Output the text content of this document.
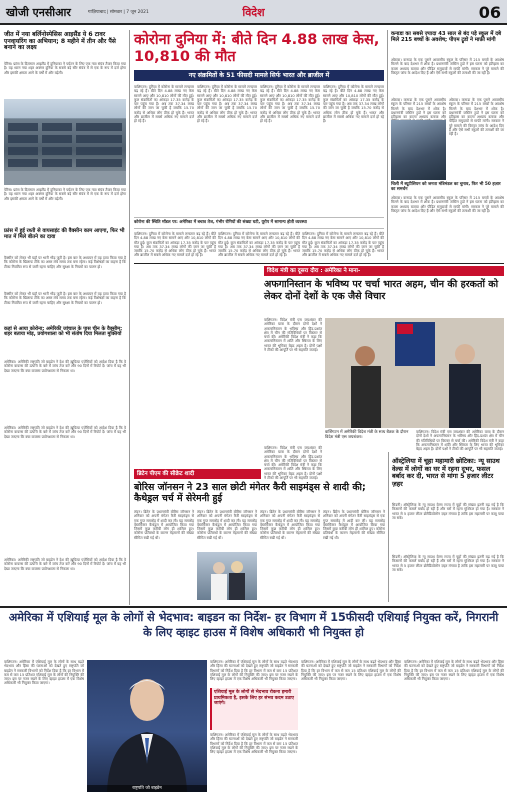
खोजी एनसीआर	गाज़ियाबाद | सोमवार | 7 जून 2021	विदेश	06
जीत में नया बर्लिनोस्पेसिस आइसैंड ये 6 टावर एनवायरिंग का अभियान; 8 महीने में तीन और पैंसे बनाने का लक्ष्य
पेरिस। फ्रांस के दिल्लाल आइलैंड में दुनियाका ने पर्यटन के लिए एक नया संयंत्र तैयार किया गया है। यह ध्यान नया शहर अक्सर दुनिया के सबसे बड़े सौर संयंत्र में से एक के रूप में दर्ज होगा और इसकी क्षमता आगे के वर्षों में और बढ़ेगी।
पेरिस। फ्रांस के दिल्लाल आइलैंड में दुनियाका ने पर्यटन के लिए एक नया संयंत्र तैयार किया गया है। यह ध्यान नया शहर अक्सर दुनिया के सबसे बड़े सौर संयंत्र में से एक के रूप में दर्ज होगा और इसकी क्षमता आगे के वर्षों में और बढ़ेगी।
फ्रांस में हुई रश्ती से वायसाइंट की वैक्सीन काम आएगा, फिर भी मात में मिले बीतने का दावा
वैक्सीन को लेकर भी यहाँ पर भारी भीड़ जुटी है। इस बार के अध्ययन में यह दावा किया गया है कि कोरोना के खिलाफ टीके का असर लंबे समय तक बना रहेगा। कई विशेषज्ञों का कहना है कि टीका नियमित रूप से जारी रहना चाहिए और सुरक्षा के नियमों का पालन हो।
वैक्सीन को लेकर भी यहाँ पर भारी भीड़ जुटी है। इस बार के अध्ययन में यह दावा किया गया है कि कोरोना के खिलाफ टीके का असर लंबे समय तक बना रहेगा। कई विशेषज्ञों का कहना है कि टीका नियमित रूप से जारी रहना चाहिए और सुरक्षा के नियमों का पालन हो।
कहां से आया कोरोना: अमेरिकी जांचाल के पास चीन के वैक्सीम: शहर बताया मोड़, प्रयोगशाला को भी संतोष दिया मिलता मुक्तियों
अमेरिका। अमेरिकी राष्ट्रपति जो बाइडेन ने देश की ख़ुफ़िया एजेंसियों को आदेश दिया है कि वे कोरोना वायरस की उत्पत्ति के बारे में जांच तेज करें और 90 दिनों में रिपोर्ट दें। जांच में यह भी देखा जाएगा कि क्या वायरस प्रयोगशाला से निकला था।
अमेरिका। अमेरिकी राष्ट्रपति जो बाइडेन ने देश की ख़ुफ़िया एजेंसियों को आदेश दिया है कि वे कोरोना वायरस की उत्पत्ति के बारे में जांच तेज करें और 90 दिनों में रिपोर्ट दें। जांच में यह भी देखा जाएगा कि क्या वायरस प्रयोगशाला से निकला था।
अमेरिका। अमेरिकी राष्ट्रपति जो बाइडेन ने देश की ख़ुफ़िया एजेंसियों को आदेश दिया है कि वे कोरोना वायरस की उत्पत्ति के बारे में जांच तेज करें और 90 दिनों में रिपोर्ट दें। जांच में यह भी देखा जाएगा कि क्या वायरस प्रयोगशाला से निकला था।
कोरोना दुनिया में: बीते दिन 4.88 लाख केस, 10,810 की मौत
नए संक्रमितों के 51 फीसदी मामले सिर्फ भारत और ब्राजील में
वाशिंगटन। दुनिया में कोरोना के मामले लगातार बढ़ रहे हैं। बीते दिन 4.88 लाख नए केस सामने आए और 10,810 लोगों की मौत हुई। कुल संक्रमितों का आंकड़ा 17.35 करोड़ के पार पहुंच गया है। अब तक 37.34 लाख लोगों की जान जा चुकी है जबकि 15.70 करोड़ से अधिक लोग ठीक हो चुके हैं। भारत और ब्राजील में सबसे अधिक नए मामले दर्ज हो रहे हैं।
वाशिंगटन। दुनिया में कोरोना के मामले लगातार बढ़ रहे हैं। बीते दिन 4.88 लाख नए केस सामने आए और 10,810 लोगों की मौत हुई। कुल संक्रमितों का आंकड़ा 17.35 करोड़ के पार पहुंच गया है। अब तक 37.34 लाख लोगों की जान जा चुकी है जबकि 15.70 करोड़ से अधिक लोग ठीक हो चुके हैं। भारत और ब्राजील में सबसे अधिक नए मामले दर्ज हो रहे हैं।
वाशिंगटन। दुनिया में कोरोना के मामले लगातार बढ़ रहे हैं। बीते दिन 4.88 लाख नए केस सामने आए और 10,810 लोगों की मौत हुई। कुल संक्रमितों का आंकड़ा 17.35 करोड़ के पार पहुंच गया है। अब तक 37.34 लाख लोगों की जान जा चुकी है जबकि 15.70 करोड़ से अधिक लोग ठीक हो चुके हैं। भारत और ब्राजील में सबसे अधिक नए मामले दर्ज हो रहे हैं।
वाशिंगटन। दुनिया में कोरोना के मामले लगातार बढ़ रहे हैं। बीते दिन 4.88 लाख नए केस सामने आए और 10,810 लोगों की मौत हुई। कुल संक्रमितों का आंकड़ा 17.35 करोड़ के पार पहुंच गया है। अब तक 37.34 लाख लोगों की जान जा चुकी है जबकि 15.70 करोड़ से अधिक लोग ठीक हो चुके हैं। भारत और ब्राजील में सबसे अधिक नए मामले दर्ज हो रहे हैं।
कोरोना की स्थिति मॉडल पर: अमेरिका में बचाव तेज, गंभीर रोगियों की संख्या घटी, यूरोप में सामान्य होती व्यवस्था
वाशिंगटन। दुनिया में कोरोना के मामले लगातार बढ़ रहे हैं। बीते दिन 4.88 लाख नए केस सामने आए और 10,810 लोगों की मौत हुई। कुल संक्रमितों का आंकड़ा 17.35 करोड़ के पार पहुंच गया है। अब तक 37.34 लाख लोगों की जान जा चुकी है जबकि 15.70 करोड़ से अधिक लोग ठीक हो चुके हैं। भारत और ब्राजील में सबसे अधिक नए मामले दर्ज हो रहे हैं।
वाशिंगटन। दुनिया में कोरोना के मामले लगातार बढ़ रहे हैं। बीते दिन 4.88 लाख नए केस सामने आए और 10,810 लोगों की मौत हुई। कुल संक्रमितों का आंकड़ा 17.35 करोड़ के पार पहुंच गया है। अब तक 37.34 लाख लोगों की जान जा चुकी है जबकि 15.70 करोड़ से अधिक लोग ठीक हो चुके हैं। भारत और ब्राजील में सबसे अधिक नए मामले दर्ज हो रहे हैं।
वाशिंगटन। दुनिया में कोरोना के मामले लगातार बढ़ रहे हैं। बीते दिन 4.88 लाख नए केस सामने आए और 10,810 लोगों की मौत हुई। कुल संक्रमितों का आंकड़ा 17.35 करोड़ के पार पहुंच गया है। अब तक 37.34 लाख लोगों की जान जा चुकी है जबकि 15.70 करोड़ से अधिक लोग ठीक हो चुके हैं। भारत और ब्राजील में सबसे अधिक नए मामले दर्ज हो रहे हैं।
कनाडा का सबसे ज़्यादा 43 साल से बंद पड़े स्कूल में दबे मिले 215 बच्चों के अवशेष; पीएम ट्रूडो ने माफ़ी मांगी
ओटावा। कनाडा के एक पुराने आवासीय स्कूल के परिसर में 215 बच्चों के अवशेष मिलने के बाद देशभर में शोक है। प्रधानमंत्री जस्टिन ट्रूडो ने इस घटना को इतिहास का काला अध्याय बताया और पीड़ित समुदायों से माफी मांगी। सरकार ने पूरे मामले की विस्तृत जांच के आदेश दिए हैं और ऐसे सभी स्कूलों की तलाशी की जा रही है।
ओटावा। कनाडा के एक पुराने आवासीय स्कूल के परिसर में 215 बच्चों के अवशेष मिलने के बाद देशभर में शोक है। प्रधानमंत्री जस्टिन ट्रूडो ने इस घटना को इतिहास का काला अध्याय बताया और
ओटावा। कनाडा के एक पुराने आवासीय स्कूल के परिसर में 215 बच्चों के अवशेष मिलने के बाद देशभर में शोक है। प्रधानमंत्री जस्टिन ट्रूडो ने इस घटना को इतिहास का काला अध्याय बताया और पीड़ित समुदायों से माफी मांगी। सरकार ने पूरे मामले की विस्तृत जांच के आदेश दिए हैं और ऐसे सभी स्कूलों की तलाशी की जा रही है।
चिली में ब्यूटीशियन को जनता मंत्रिमंडल का चुनाव, फिर भी 50 हज़ार का समर्थन
ओटावा। कनाडा के एक पुराने आवासीय स्कूल के परिसर में 215 बच्चों के अवशेष मिलने के बाद देशभर में शोक है। प्रधानमंत्री जस्टिन ट्रूडो ने इस घटना को इतिहास का काला अध्याय बताया और पीड़ित समुदायों से माफी मांगी। सरकार ने पूरे मामले की विस्तृत जांच के आदेश दिए हैं और ऐसे सभी स्कूलों की तलाशी की जा रही है।
विदेश मंत्री का दूसरा दौरा : अमेरिका ने माना-
अफगानिस्तान के भविष्य पर चर्चा भारत अहम, चीन की हरकतों को लेकर दोनों देशों के एक जैसे विचार
वाशिंगटन। विदेश मंत्री एस जयशंकर की अमेरिका यात्रा के दौरान दोनों देशों ने अफगानिस्तान के भविष्य और हिंद-प्रशांत क्षेत्र में चीन की गतिविधियों पर विस्तार से चर्चा की। अमेरिकी विदेश मंत्री ने कहा कि अफगानिस्तान में शांति और स्थिरता के लिए भारत की भूमिका बेहद अहम है। दोनों पक्षों ने टीकों की आपूर्ति पर भी सहमति जताई।
वाशिंगटन में अमेरिकी विदेश मंत्री के साथ बैठक के दौरान विदेश मंत्री एस जयशंकर।
वाशिंगटन। विदेश मंत्री एस जयशंकर की अमेरिका यात्रा के दौरान दोनों देशों ने अफगानिस्तान के भविष्य और हिंद-प्रशांत क्षेत्र में चीन की गतिविधियों पर विस्तार से चर्चा की। अमेरिकी विदेश मंत्री ने कहा कि अफगानिस्तान में शांति और स्थिरता के लिए भारत की भूमिका बेहद अहम है। दोनों पक्षों ने टीकों की आपूर्ति पर भी सहमति जताई।
वाशिंगटन। विदेश मंत्री एस जयशंकर की अमेरिका यात्रा के दौरान दोनों देशों ने अफगानिस्तान के भविष्य और हिंद-प्रशांत क्षेत्र में चीन की गतिविधियों पर विस्तार से चर्चा की। अमेरिकी विदेश मंत्री ने कहा कि अफगानिस्तान में शांति और स्थिरता के लिए भारत की भूमिका बेहद अहम है। दोनों पक्षों ने टीकों की आपूर्ति पर भी सहमति जताई।
ब्रिटेन पीएम की सीक्रेट शादी
बोरिस जॉनसन ने 23 साल छोटी मंगेतर कैरी साइमंड्स से शादी की; कैथेड्रल चर्च में सेरेमनी हुई
लंदन। ब्रिटेन के प्रधानमंत्री बोरिस जॉनसन ने शनिवार को अपनी मंगेतर कैरी साइमंड्स से एक गुप्त समारोह में शादी कर ली। यह समारोह वेस्टमिंस्टर कैथेड्रल में आयोजित किया गया जिसमें कुछ करीबी लोग ही शामिल हुए। कोरोना प्रतिबंधों के कारण मेहमानों की संख्या सीमित रखी गई थी।
लंदन। ब्रिटेन के प्रधानमंत्री बोरिस जॉनसन ने शनिवार को अपनी मंगेतर कैरी साइमंड्स से एक गुप्त समारोह में शादी कर ली। यह समारोह वेस्टमिंस्टर कैथेड्रल में आयोजित किया गया जिसमें कुछ करीबी लोग ही शामिल हुए। कोरोना प्रतिबंधों के कारण मेहमानों की संख्या सीमित रखी गई थी।
लंदन। ब्रिटेन के प्रधानमंत्री बोरिस जॉनसन ने शनिवार को अपनी मंगेतर कैरी साइमंड्स से एक गुप्त समारोह में शादी कर ली। यह समारोह वेस्टमिंस्टर कैथेड्रल में आयोजित किया गया जिसमें कुछ करीबी लोग ही शामिल हुए। कोरोना प्रतिबंधों के कारण मेहमानों की संख्या सीमित रखी गई थी।
लंदन। ब्रिटेन के प्रधानमंत्री बोरिस जॉनसन ने शनिवार को अपनी मंगेतर कैरी साइमंड्स से एक गुप्त समारोह में शादी कर ली। यह समारोह वेस्टमिंस्टर कैथेड्रल में आयोजित किया गया जिसमें कुछ करीबी लोग ही शामिल हुए। कोरोना प्रतिबंधों के कारण मेहमानों की संख्या सीमित रखी गई थी।
ऑस्ट्रेलिया में चूहा महामारी छोटिका: न्यू साउथ वेल्स में लोगों का घर में रहना दूभर, फसल बर्बाद कर दी, भारत से मांगा 5 हजार लीटर ज़हर
सिडनी। ऑस्ट्रेलिया के न्यू साउथ वेल्स राज्य में चूहों की संख्या इतनी बढ़ गई है कि किसानों की फसलें बर्बाद हो रही हैं और घरों में रहना मुश्किल हो गया है। सरकार ने भारत से 5 हजार लीटर ब्रोमैडियोलोन ज़हर मंगाया है ताकि इस महामारी पर काबू पाया जा सके।
सिडनी। ऑस्ट्रेलिया के न्यू साउथ वेल्स राज्य में चूहों की संख्या इतनी बढ़ गई है कि किसानों की फसलें बर्बाद हो रही हैं और घरों में रहना मुश्किल हो गया है। सरकार ने भारत से 5 हजार लीटर ब्रोमैडियोलोन ज़हर मंगाया है ताकि इस महामारी पर काबू पाया जा सके।
अमेरिका में एशियाई मूल के लोगों से भेदभाव: बाइडन का निर्देश- हर विभाग में 15फीसदी एशियाई नियुक्त करें, निगरानी के लिए व्हाइट हाउस में विशेष अधिकारी भी नियुक्त हो
वाशिंगटन। अमेरिका में एशियाई मूल के लोगों के साथ बढ़ते भेदभाव और हिंसा की घटनाओं को देखते हुए राष्ट्रपति जो बाइडेन ने सरकारी विभागों को निर्देश दिया है कि हर विभाग में कम से कम 15 प्रतिशत एशियाई मूल के लोगों की नियुक्ति की जाए। इस पर नजर रखने के लिए व्हाइट हाउस में एक विशेष अधिकारी भी नियुक्त किया जाएगा।
राष्ट्रपति जो बाइडेन
वाशिंगटन। अमेरिका में एशियाई मूल के लोगों के साथ बढ़ते भेदभाव और हिंसा की घटनाओं को देखते हुए राष्ट्रपति जो बाइडेन ने सरकारी विभागों को निर्देश दिया है कि हर विभाग में कम से कम 15 प्रतिशत एशियाई मूल के लोगों की नियुक्ति की जाए। इस पर नजर रखने के लिए व्हाइट हाउस में एक विशेष अधिकारी भी नियुक्त किया जाएगा।
एशियाई मूल के लोगों से भेदभाव रोकना हमारी प्राथमिकता है, इसके लिए हर संभव कदम उठाए जाएंगे।
वाशिंगटन। अमेरिका में एशियाई मूल के लोगों के साथ बढ़ते भेदभाव और हिंसा की घटनाओं को देखते हुए राष्ट्रपति जो बाइडेन ने सरकारी विभागों को निर्देश दिया है कि हर विभाग में कम से कम 15 प्रतिशत एशियाई मूल के लोगों की नियुक्ति की जाए। इस पर नजर रखने के लिए व्हाइट हाउस में एक विशेष अधिकारी भी नियुक्त किया जाएगा।
वाशिंगटन। अमेरिका में एशियाई मूल के लोगों के साथ बढ़ते भेदभाव और हिंसा की घटनाओं को देखते हुए राष्ट्रपति जो बाइडेन ने सरकारी विभागों को निर्देश दिया है कि हर विभाग में कम से कम 15 प्रतिशत एशियाई मूल के लोगों की नियुक्ति की जाए। इस पर नजर रखने के लिए व्हाइट हाउस में एक विशेष अधिकारी भी नियुक्त किया जाएगा।
वाशिंगटन। अमेरिका में एशियाई मूल के लोगों के साथ बढ़ते भेदभाव और हिंसा की घटनाओं को देखते हुए राष्ट्रपति जो बाइडेन ने सरकारी विभागों को निर्देश दिया है कि हर विभाग में कम से कम 15 प्रतिशत एशियाई मूल के लोगों की नियुक्ति की जाए। इस पर नजर रखने के लिए व्हाइट हाउस में एक विशेष अधिकारी भी नियुक्त किया जाएगा।
